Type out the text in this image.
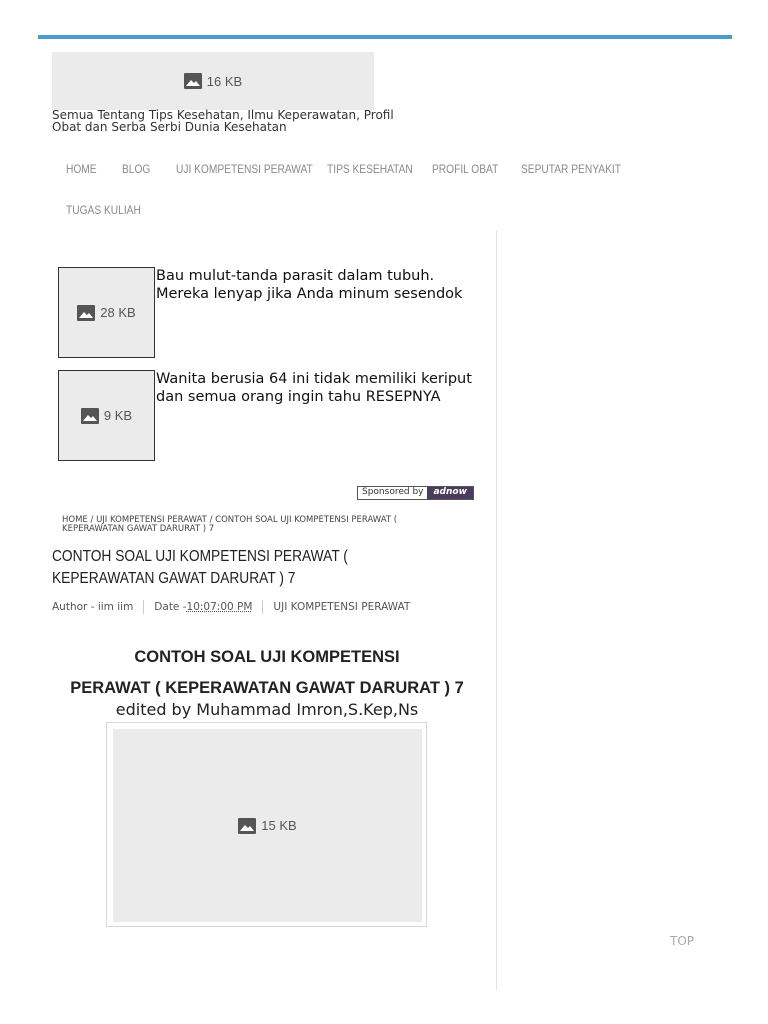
16 KB
Semua Tentang Tips Kesehatan, Ilmu Keperawatan, Profil Obat dan Serba Serbi Dunia Kesehatan
HOME BLOG UJI KOMPETENSI PERAWAT TIPS KESEHATAN PROFIL OBAT SEPUTAR PENYAKIT
TUGAS KULIAH
28 KB
Bau mulut-tanda parasit dalam tubuh. Mereka lenyap jika Anda minum sesendok
9 KB
Wanita berusia 64 ini tidak memiliki keriput dan semua orang ingin tahu RESEPNYA
Sponsored by	adnow
HOME / UJI KOMPETENSI PERAWAT / CONTOH SOAL UJI KOMPETENSI PERAWAT ( KEPERAWATAN GAWAT DARURAT ) 7
CONTOH SOAL UJI KOMPETENSI PERAWAT ( KEPERAWATAN GAWAT DARURAT ) 7
Author -
iim iim Date - 10:07:00 PM UJI KOMPETENSI PERAWAT
CONTOH SOAL UJI KOMPETENSI
PERAWAT ( KEPERAWATAN GAWAT DARURAT ) 7
edited by Muhammad Imron,S.Kep,Ns
15 KB
TOP
